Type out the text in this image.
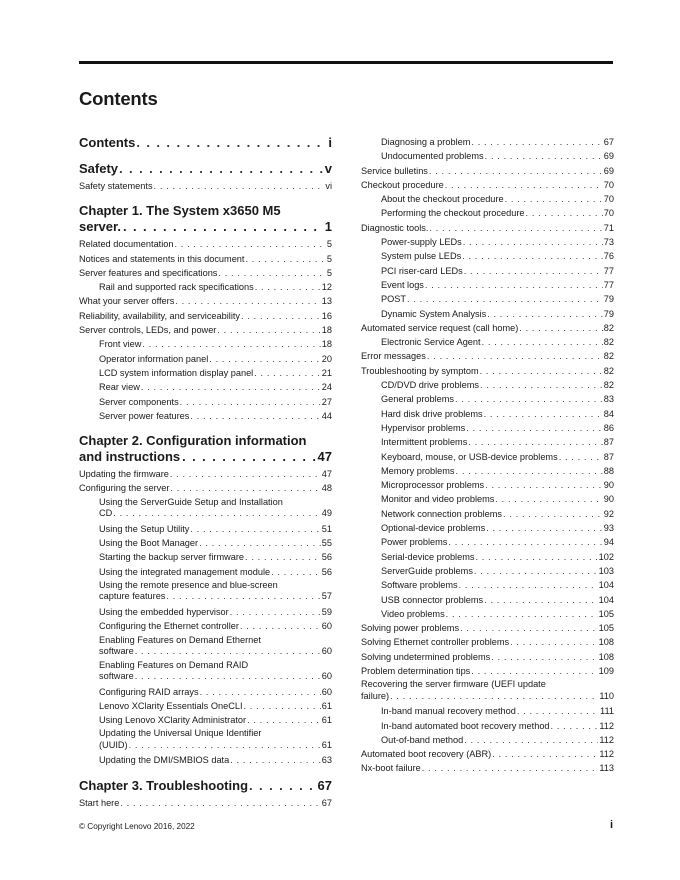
Contents
Contents . . .	i
Safety . . .	v
Safety statements . . .	vi
Chapter 1. The System x3650 M5
server. . . .	1
Related documentation . . .	5
Notices and statements in this document . . .	5
Server features and specifications . . .	5
Rail and supported rack specifications . . .	12
What your server offers . . .	13
Reliability, availability, and serviceability . . .	16
Server controls, LEDs, and power . . .	18
Front view . . .	18
Operator information panel . . .	20
LCD system information display panel . . .	21
Rear view . . .	24
Server components . . .	27
Server power features . . .	44
Chapter 2. Configuration information
and instructions . . .	47
Updating the firmware . . .	47
Configuring the server . . .	48
Using the ServerGuide Setup and Installation
CD . . .	49
Using the Setup Utility . . .	51
Using the Boot Manager . . .	55
Starting the backup server firmware . . .	56
Using the integrated management module . . .	56
Using the remote presence and blue-screen
capture features . . .	57
Using the embedded hypervisor . . .	59
Configuring the Ethernet controller . . .	60
Enabling Features on Demand Ethernet
software . . .	60
Enabling Features on Demand RAID
software . . .	60
Configuring RAID arrays . . .	60
Lenovo XClarity Essentials OneCLI . . .	61
Using Lenovo XClarity Administrator . . .	61
Updating the Universal Unique Identifier
(UUID) . . .	61
Updating the DMI/SMBIOS data . . .	63
Chapter 3. Troubleshooting . . .	67
Start here . . .	67
Diagnosing a problem . . .	67
Undocumented problems . . .	69
Service bulletins . . .	69
Checkout procedure . . .	70
About the checkout procedure . . .	70
Performing the checkout procedure . . .	70
Diagnostic tools. . . .	71
Power-supply LEDs . . .	73
System pulse LEDs . . .	76
PCI riser-card LEDs . . .	77
Event logs . . .	77
POST . . .	79
Dynamic System Analysis . . .	79
Automated service request (call home) . . .	82
Electronic Service Agent . . .	82
Error messages . . .	82
Troubleshooting by symptom . . .	82
CD/DVD drive problems . . .	82
General problems . . .	83
Hard disk drive problems . . .	84
Hypervisor problems . . .	86
Intermittent problems . . .	87
Keyboard, mouse, or USB-device problems . . .	87
Memory problems . . .	88
Microprocessor problems . . .	90
Monitor and video problems . . .	90
Network connection problems . . .	92
Optional-device problems . . .	93
Power problems . . .	94
Serial-device problems . . .	102
ServerGuide problems . . .	103
Software problems . . .	104
USB connector problems . . .	104
Video problems . . .	105
Solving power problems . . .	105
Solving Ethernet controller problems . . .	108
Solving undetermined problems . . .	108
Problem determination tips . . .	109
Recovering the server firmware (UEFI update
failure) . . .	110
In-band manual recovery method . . .	111
In-band automated boot recovery method . . .	112
Out-of-band method . . .	112
Automated boot recovery (ABR) . . .	112
Nx-boot failure . . .	113
© Copyright Lenovo 2016, 2022	i
